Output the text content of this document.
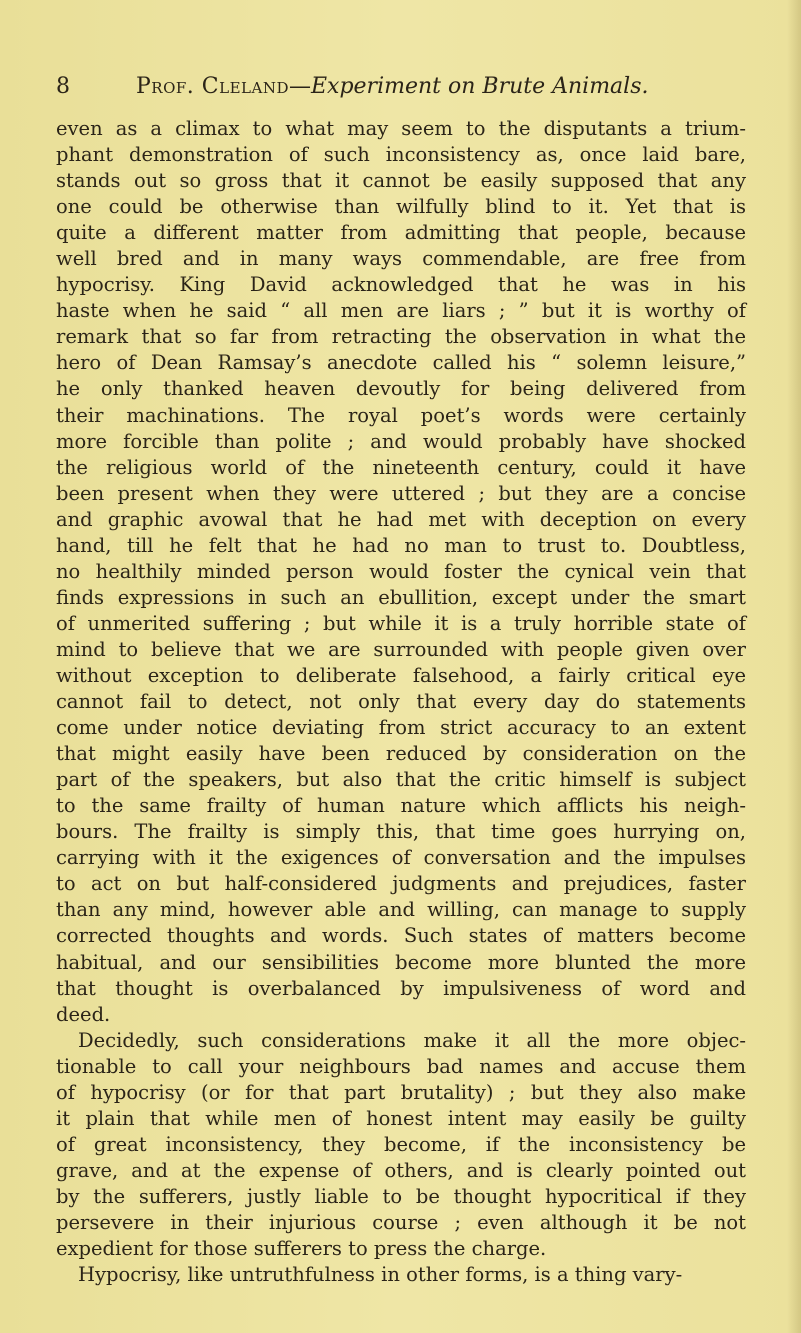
8	Prof. Cleland—Experiment on Brute Animals.

even as a climax to what may seem to the disputants a trium-
phant demonstration of such inconsistency as, once laid bare,
stands out so gross that it cannot be easily supposed that any
one could be otherwise than wilfully blind to it. Yet that is
quite a different matter from admitting that people, because
well bred and in many ways commendable, are free from
hypocrisy. King David acknowledged that he was in his
haste when he said “ all men are liars ; ” but it is worthy of
remark that so far from retracting the observation in what the
hero of Dean Ramsay’s anecdote called his “ solemn leisure,”
he only thanked heaven devoutly for being delivered from
their machinations. The royal poet’s words were certainly
more forcible than polite ; and would probably have shocked
the religious world of the nineteenth century, could it have
been present when they were uttered ; but they are a concise
and graphic avowal that he had met with deception on every
hand, till he felt that he had no man to trust to. Doubtless,
no healthily minded person would foster the cynical vein that
finds expressions in such an ebullition, except under the smart
of unmerited suffering ; but while it is a truly horrible state of
mind to believe that we are surrounded with people given over
without exception to deliberate falsehood, a fairly critical eye
cannot fail to detect, not only that every day do statements
come under notice deviating from strict accuracy to an extent
that might easily have been reduced by consideration on the
part of the speakers, but also that the critic himself is subject
to the same frailty of human nature which afflicts his neigh-
bours. The frailty is simply this, that time goes hurrying on,
carrying with it the exigences of conversation and the impulses
to act on but half-considered judgments and prejudices, faster
than any mind, however able and willing, can manage to supply
corrected thoughts and words. Such states of matters become
habitual, and our sensibilities become more blunted the more
that thought is overbalanced by impulsiveness of word and
deed.

Decidedly, such considerations make it all the more objec-
tionable to call your neighbours bad names and accuse them
of hypocrisy (or for that part brutality) ; but they also make
it plain that while men of honest intent may easily be guilty
of great inconsistency, they become, if the inconsistency be
grave, and at the expense of others, and is clearly pointed out
by the sufferers, justly liable to be thought hypocritical if they
persevere in their injurious course ; even although it be not
expedient for those sufferers to press the charge.

Hypocrisy, like untruthfulness in other forms, is a thing vary-
